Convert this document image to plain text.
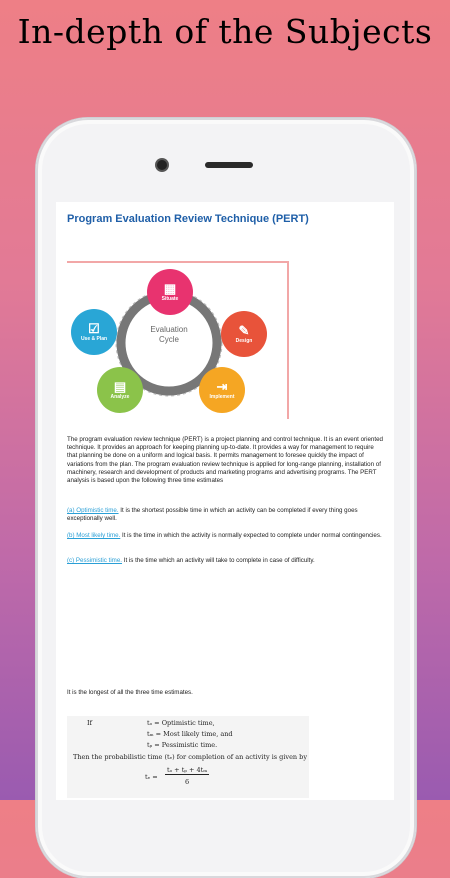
In-depth of the Subjects
Program Evaluation Review Technique (PERT)
Evaluation
Cycle
▦
Situate
✎
Design
⇥
Implement
▤
Analyze
☑
Use & Plan
The program evaluation review technique (PERT) is a project planning and control technique. It is an event oriented technique. It provides an approach for keeping planning up-to-date. It provides a way for management to require that planning be done on a uniform and logical basis. It permits management to foresee quickly the impact of variations from the plan. The program evaluation review technique is applied for long-range planning, installation of machinery, research and development of products and marketing programs and advertising programs. The PERT analysis is based upon the following three time estimates
(a) Optimistic time. It is the shortest possible time in which an activity can be completed if every thing goes exceptionally well.
(b) Most likely time. It is the time in which the activity is normally expected to complete under normal contingencies.
(c) Pessimistic time. It is the time which an activity will take to complete in case of difficulty.
It is the longest of all the three time estimates.
If	tₒ = Optimistic time,
tₘ = Most likely time, and
tₚ = Pessimistic time.
Then the probabilistic time (tₑ) for completion of an activity is given by
tₑ =
tₒ + tₚ + 4tₘ
6
